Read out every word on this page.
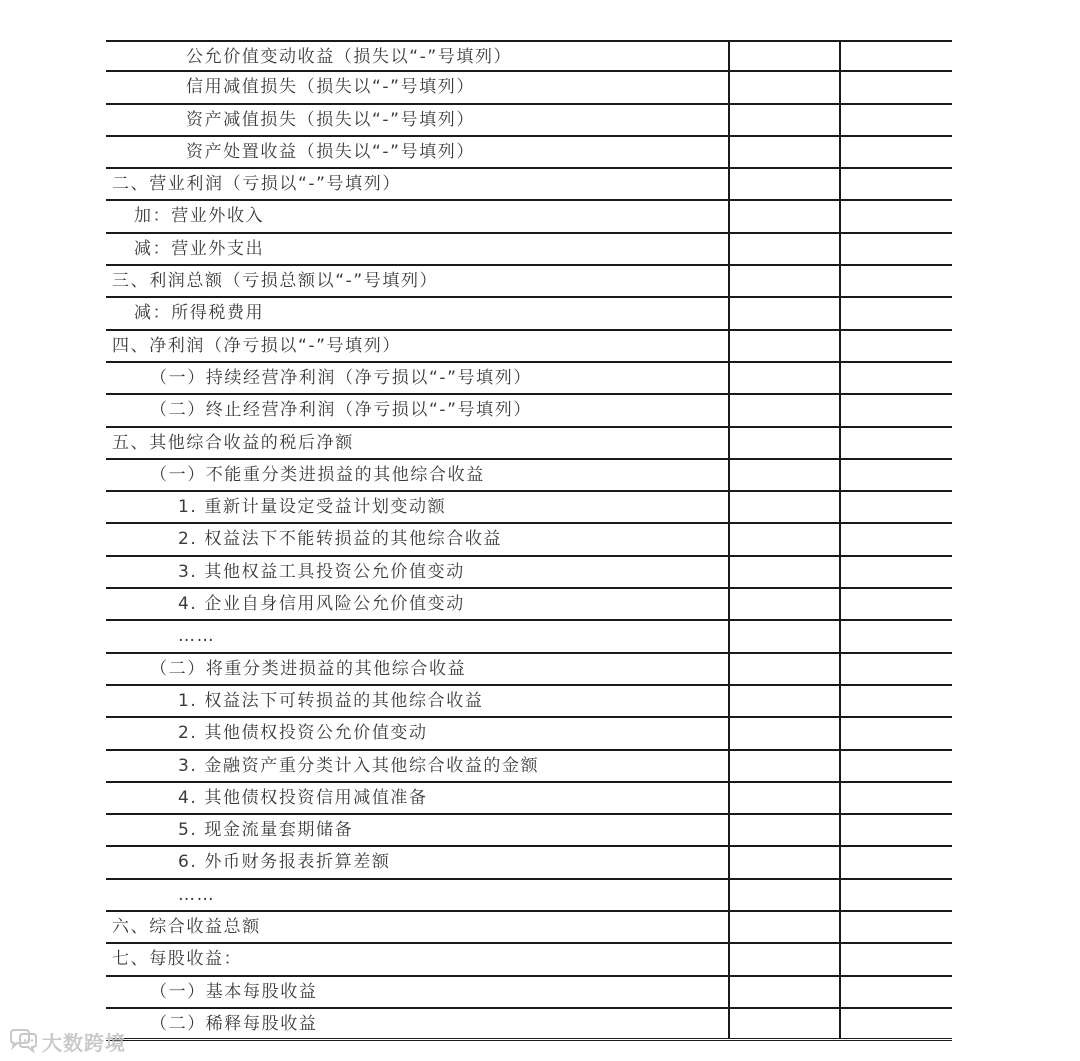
公允价值变动收益（损失以“-”号填列）
信用减值损失（损失以“-”号填列）
资产减值损失（损失以“-”号填列）
资产处置收益（损失以“-”号填列）
二、营业利润（亏损以“-”号填列）
加：营业外收入
减：营业外支出
三、利润总额（亏损总额以“-”号填列）
减：所得税费用
四、净利润（净亏损以“-”号填列）
（一）持续经营净利润（净亏损以“-”号填列）
（二）终止经营净利润（净亏损以“-”号填列）
五、其他综合收益的税后净额
（一）不能重分类进损益的其他综合收益
1. 重新计量设定受益计划变动额
2. 权益法下不能转损益的其他综合收益
3. 其他权益工具投资公允价值变动
4. 企业自身信用风险公允价值变动
……
（二）将重分类进损益的其他综合收益
1. 权益法下可转损益的其他综合收益
2. 其他债权投资公允价值变动
3. 金融资产重分类计入其他综合收益的金额
4. 其他债权投资信用减值准备
5. 现金流量套期储备
6. 外币财务报表折算差额
……
六、综合收益总额
七、每股收益：
（一）基本每股收益
（二）稀释每股收益
大数跨境
